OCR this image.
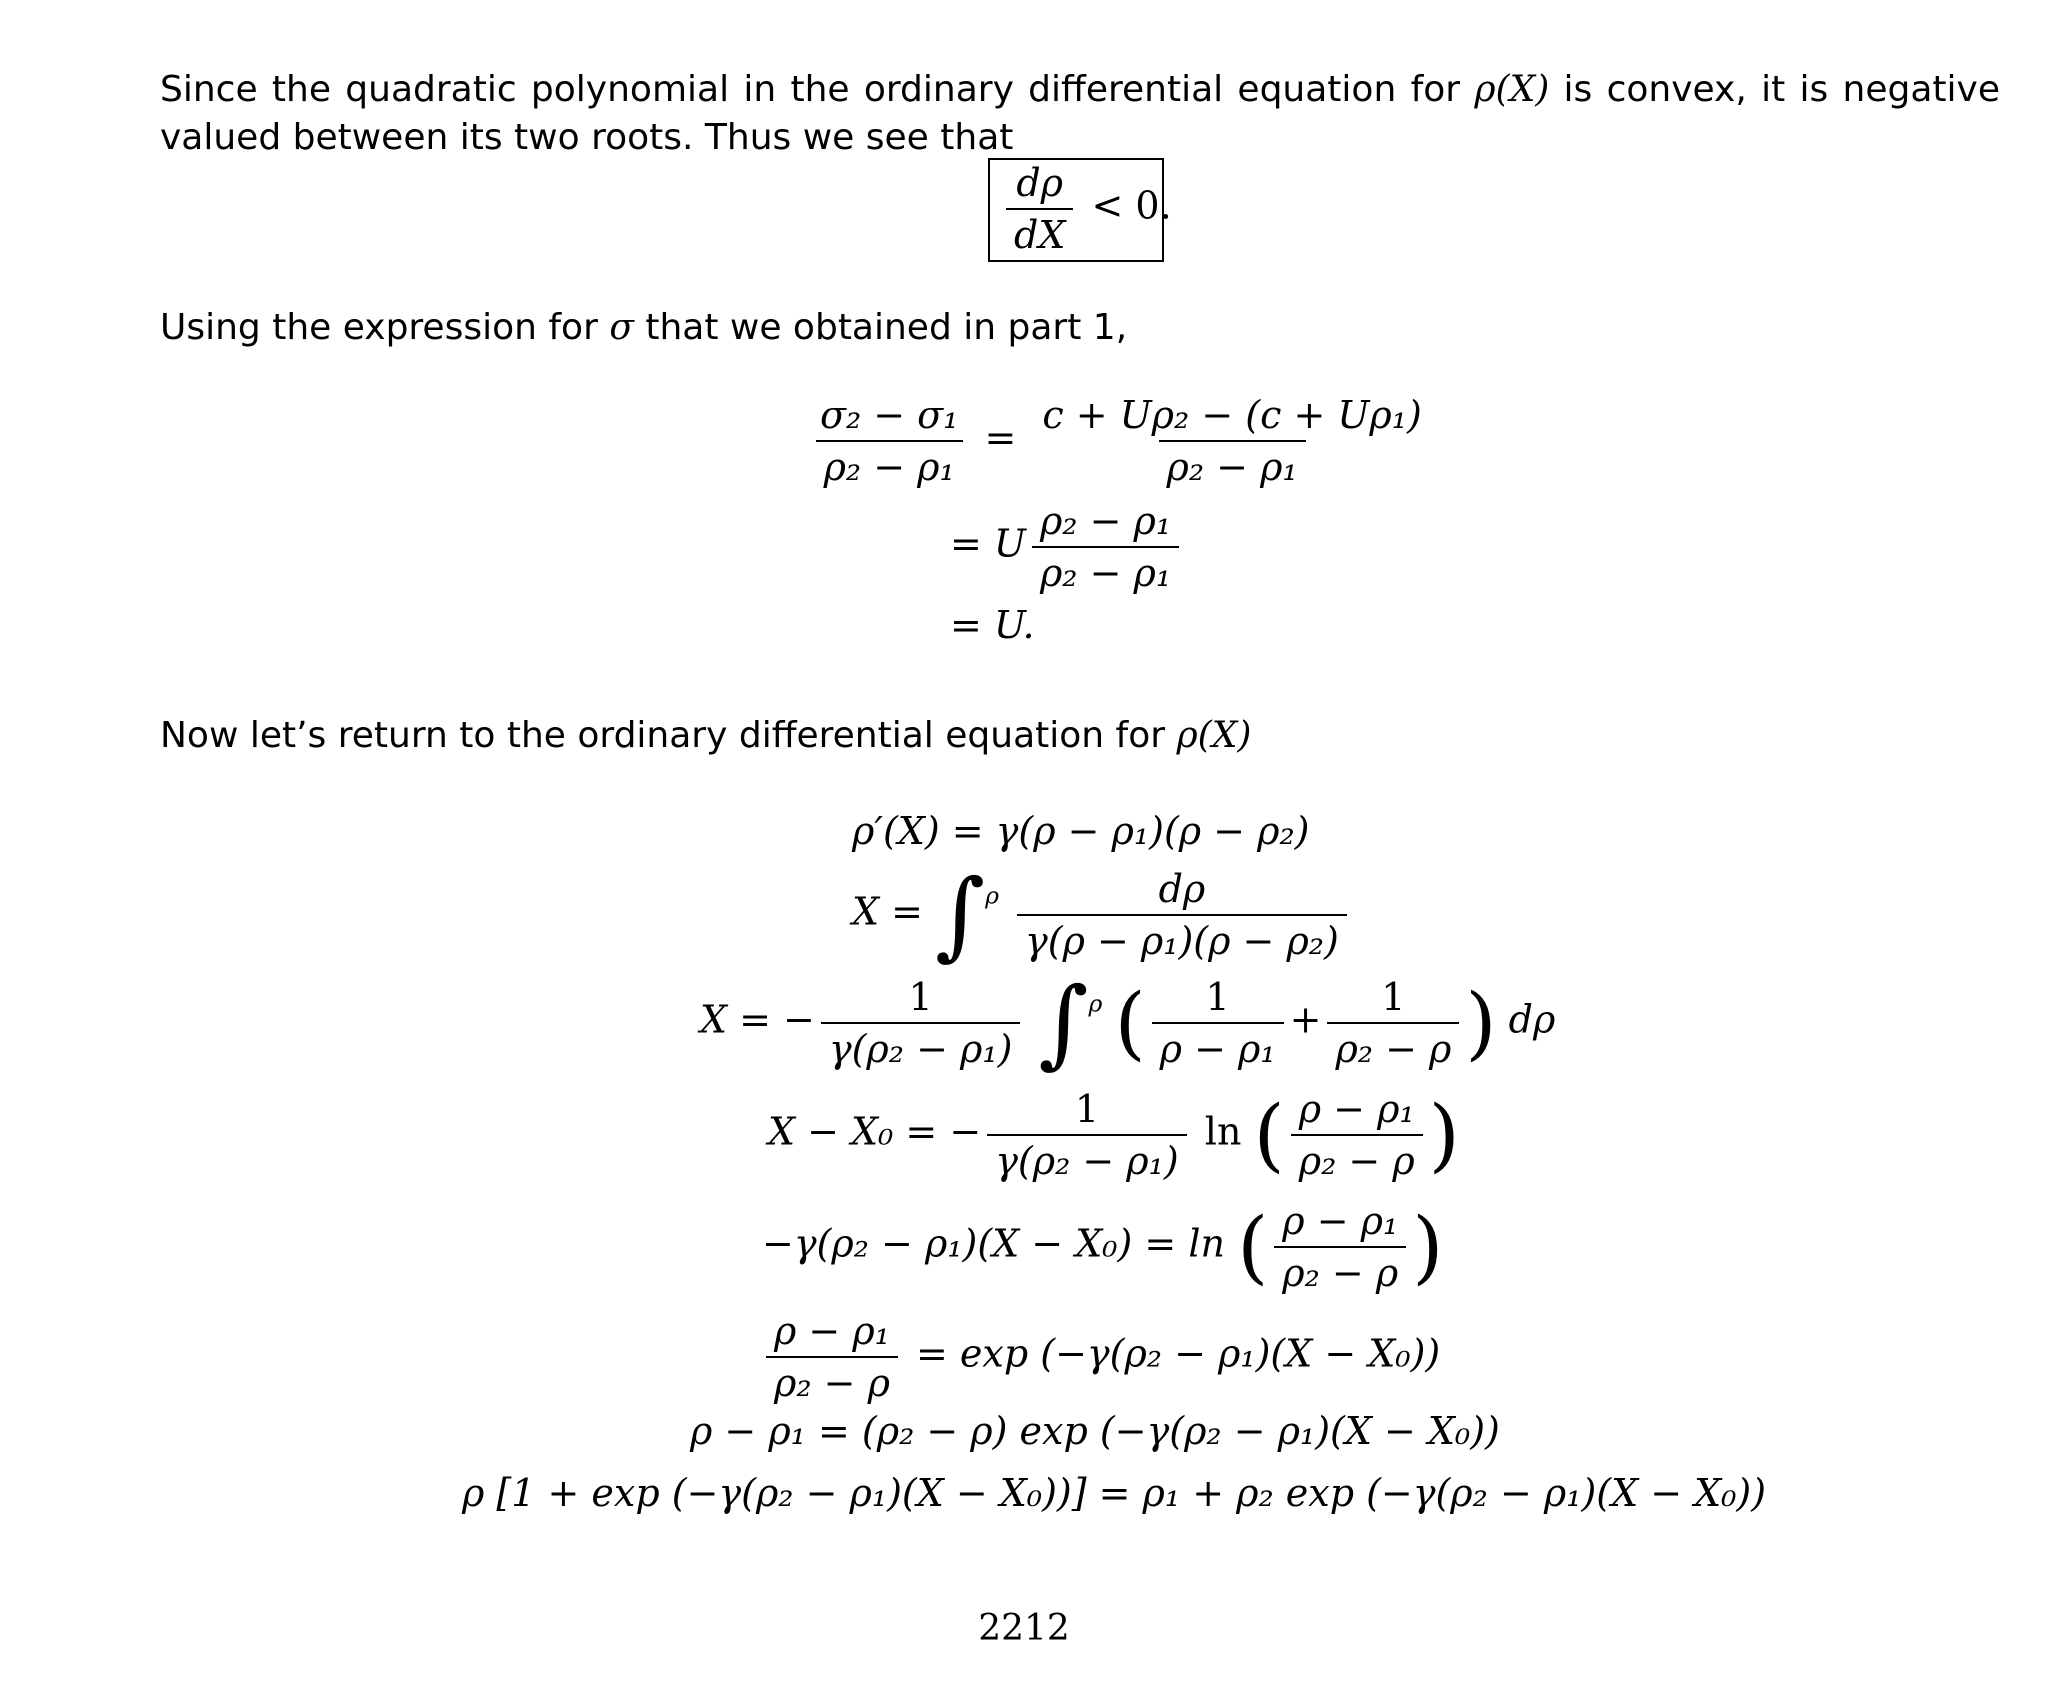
Since the quadratic polynomial in the ordinary differential equation for ρ(X) is convex, it is negative valued between its two roots. Thus we see that
$\frac{d\rho}{dX} < 0$.
Using the expression for σ that we obtained in part 1,
$\frac{\text{σ₂ − σ₁}}{\text{ρ₂ − ρ₁}} = \frac{\text{c + Uρ₂ − (c + Uρ₁)}}{\text{ρ₂ − ρ₁}}$
= U $\frac{\text{ρ₂ − ρ₁}}{\text{ρ₂ − ρ₁}}$
= U.
Now let’s return to the ordinary differential equation for ρ(X)
ρ′(X) = γ(ρ − ρ₁)(ρ − ρ₂)
$X = \int^\rho \frac{d\rho}{\text{γ(ρ − ρ₁)(ρ − ρ₂)}}$
X = − $\frac{1}{\text{γ(ρ₂ − ρ₁)}} \int^\rho$ ( $\frac{1}{\text{ρ − ρ₁}} + \frac{1}{\text{ρ₂ − ρ}}$ ) dρ
X − X₀ = − $\frac{1}{\text{γ(ρ₂ − ρ₁)}}$ ln ( $\frac{\text{ρ − ρ₁}}{\text{ρ₂ − ρ}}$ )
−γ(ρ₂ − ρ₁)(X − X₀) = ln ( $\frac{\text{ρ − ρ₁}}{\text{ρ₂ − ρ}}$ )
$\frac{\text{ρ − ρ₁}}{\text{ρ₂ − ρ}} = \exp (-\gamma(\rho_2 - \rho_1)(X - X_0))$
ρ − ρ₁ = (ρ₂ − ρ) exp (−γ(ρ₂ − ρ₁)(X − X₀))
ρ [1 + exp (−γ(ρ₂ − ρ₁)(X − X₀))] = ρ₁ + ρ₂ exp (−γ(ρ₂ − ρ₁)(X − X₀))
2212
